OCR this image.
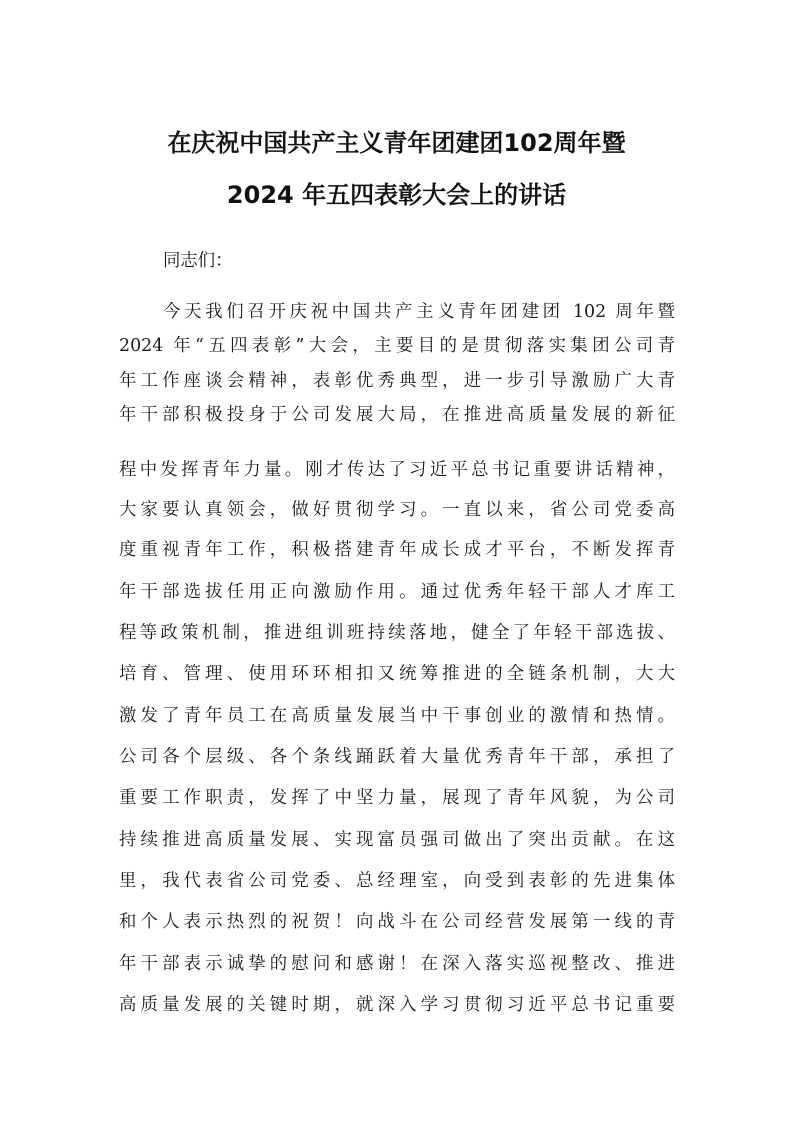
在庆祝中国共产主义青年团建团102周年暨
2024 年五四表彰大会上的讲话
同志们：
今天我们召开庆祝中国共产主义青年团建团 102 周年暨
2024 年“五四表彰”大会，主要目的是贯彻落实集团公司青
年工作座谈会精神，表彰优秀典型，进一步引导激励广大青
年干部积极投身于公司发展大局，在推进高质量发展的新征
程中发挥青年力量。刚才传达了习近平总书记重要讲话精神，
大家要认真领会，做好贯彻学习。一直以来，省公司党委高
度重视青年工作，积极搭建青年成长成才平台，不断发挥青
年干部选拔任用正向激励作用。通过优秀年轻干部人才库工
程等政策机制，推进组训班持续落地，健全了年轻干部选拔、
培育、管理、使用环环相扣又统筹推进的全链条机制，大大
激发了青年员工在高质量发展当中干事创业的激情和热情。
公司各个层级、各个条线踊跃着大量优秀青年干部，承担了
重要工作职责，发挥了中坚力量，展现了青年风貌，为公司
持续推进高质量发展、实现富员强司做出了突出贡献。在这
里，我代表省公司党委、总经理室，向受到表彰的先进集体
和个人表示热烈的祝贺！向战斗在公司经营发展第一线的青
年干部表示诚挚的慰问和感谢！在深入落实巡视整改、推进
高质量发展的关键时期，就深入学习贯彻习近平总书记重要
